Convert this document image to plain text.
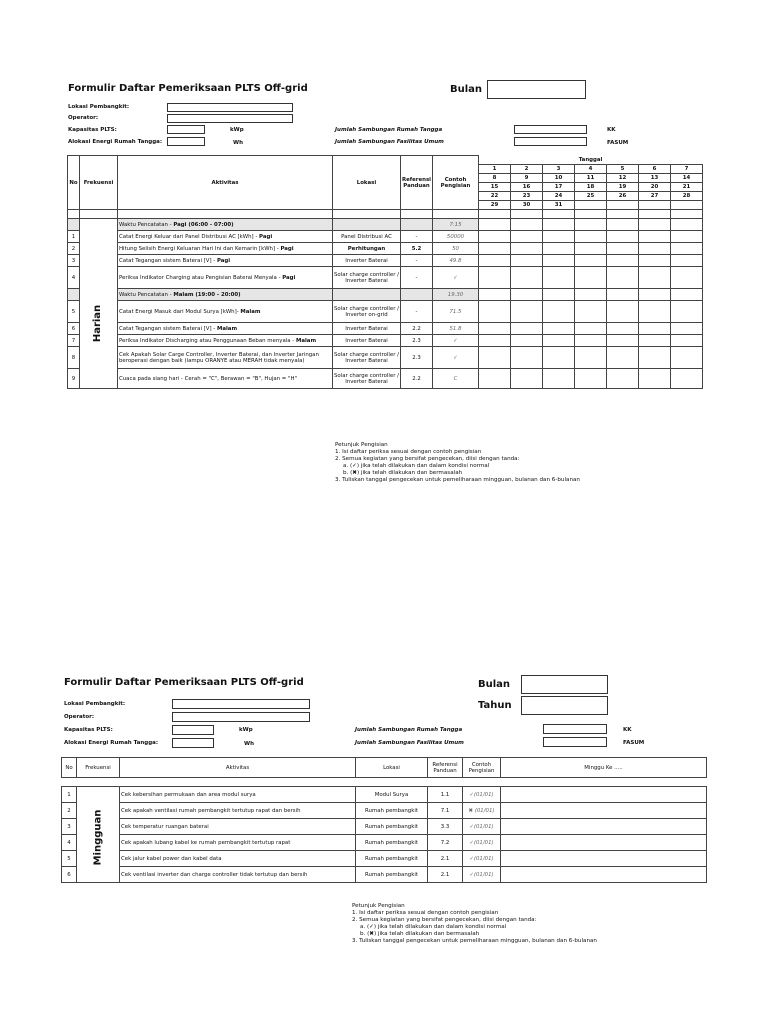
Formulir Daftar Pemeriksaan PLTS Off-grid	Bulan
Lokasi Pembangkit:
Operator:
Kapasitas PLTS:	kWp
Alokasi Energi Rumah Tangga:	Wh
Jumlah Sambungan Rumah Tangga	KK
Jumlah Sambungan Fasilitas Umum	FASUM
No	Frekuensi	Aktivitas	Lokasi	Referensi Panduan	Contoh Pengisian	Tanggal						
						1	2	3	4	5	6	7
						8	9	10	11	12	13	14
						15	16	17	18	19	20	21
						22	23	24	25	26	27	28
						29	30	31				

		Waktu Pencatatan - Pagi (06:00 - 07:00)			7:15							
1		Catat Energi Keluar dari Panel Distribusi AC [kWh] - Pagi	Panel Distribusi AC	-	50000							
2		Hitung Selisih Energi Keluaran Hari Ini dan Kemarin [kWh] - Pagi	Perhitungan	5.2	50							
3		Catat Tegangan sistem Baterai [V] - Pagi	Inverter Baterai	-	49.8							
4		Periksa Indikator Charging atau Pengisian Baterai Menyala - Pagi	Solar charge controller / Inverter Baterai	-	✓							
		Waktu Pencatatan - Malam (19:00 - 20:00)			19.30							
5		Catat Energi Masuk dari Modul Surya [kWh]- Malam	Solar charge controller / Inverter on-grid	-	71.5							
6		Catat Tegangan sistem Baterai [V] - Malam	Inverter Baterai	2.2	51.8							
7		Periksa Indikator Discharging atau Penggunaan Beban menyala - Malam	Inverter Baterai	2.3	✓							
8		Cek Apakah Solar Carge Controller, Inverter Baterai, dan Inverter Jaringan beroperasi dengan baik (lampu ORANYE atau MERAH tidak menyala)	Solar charge controller / Inverter Baterai	2.3	✓							
9		Cuaca pada siang hari - Cerah = "C", Berawan = "B", Hujan = "H"	Solar charge controller / Inverter Baterai	2.2	C							
Harian
Petunjuk Pengisian
1. Isi daftar periksa sesuai dengan contoh pengisian
2. Semua kegiatan yang bersifat pengecekan, diisi dengan tanda:
a. (✓) jika telah dilakukan dan dalam kondisi normal
b. (✖) jika telah dilakukan dan bermasalah
3. Tuliskan tanggal pengecekan untuk pemeliharaan mingguan, bulanan dan 6-bulanan
Formulir Daftar Pemeriksaan PLTS Off-grid	Bulan
Tahun
Lokasi Pembangkit:
Operator:
Kapasitas PLTS:	kWp
Alokasi Energi Rumah Tangga:	Wh
Jumlah Sambungan Rumah Tangga	KK
Jumlah Sambungan Fasilitas Umum	FASUM
No	Frekuensi	Aktivitas	Lokasi	Referensi Panduan	Contoh Pengisian	Minggu Ke .....

1		Cek kebersihan permukaan dan area modul surya	Modul Surya	1.1	✓(01/01)	
2		Cek apakah ventilasi rumah pembangkit tertutup rapat dan bersih	Rumah pembangkit	7.1	✖ (01/01)	
3		Cek temperatur ruangan baterai	Rumah pembangkit	3.3	✓(01/01)	
4		Cek apakah lubang kabel ke rumah pembangkit tertutup rapat	Rumah pembangkit	7.2	✓(01/01)	
5		Cek jalur kabel power dan kabel data	Rumah pembangkit	2.1	✓(01/01)	
6		Cek ventilasi inverter dan charge controller tidak tertutup dan bersih	Rumah pembangkit	2.1	✓(01/01)	
Mingguan
Petunjuk Pengisian
1. Isi daftar periksa sesuai dengan contoh pengisian
2. Semua kegiatan yang bersifat pengecekan, diisi dengan tanda:
a. (✓) jika telah dilakukan dan dalam kondisi normal
b. (✖) jika telah dilakukan dan bermasalah
3. Tuliskan tanggal pengecekan untuk pemeliharaan mingguan, bulanan dan 6-bulanan
